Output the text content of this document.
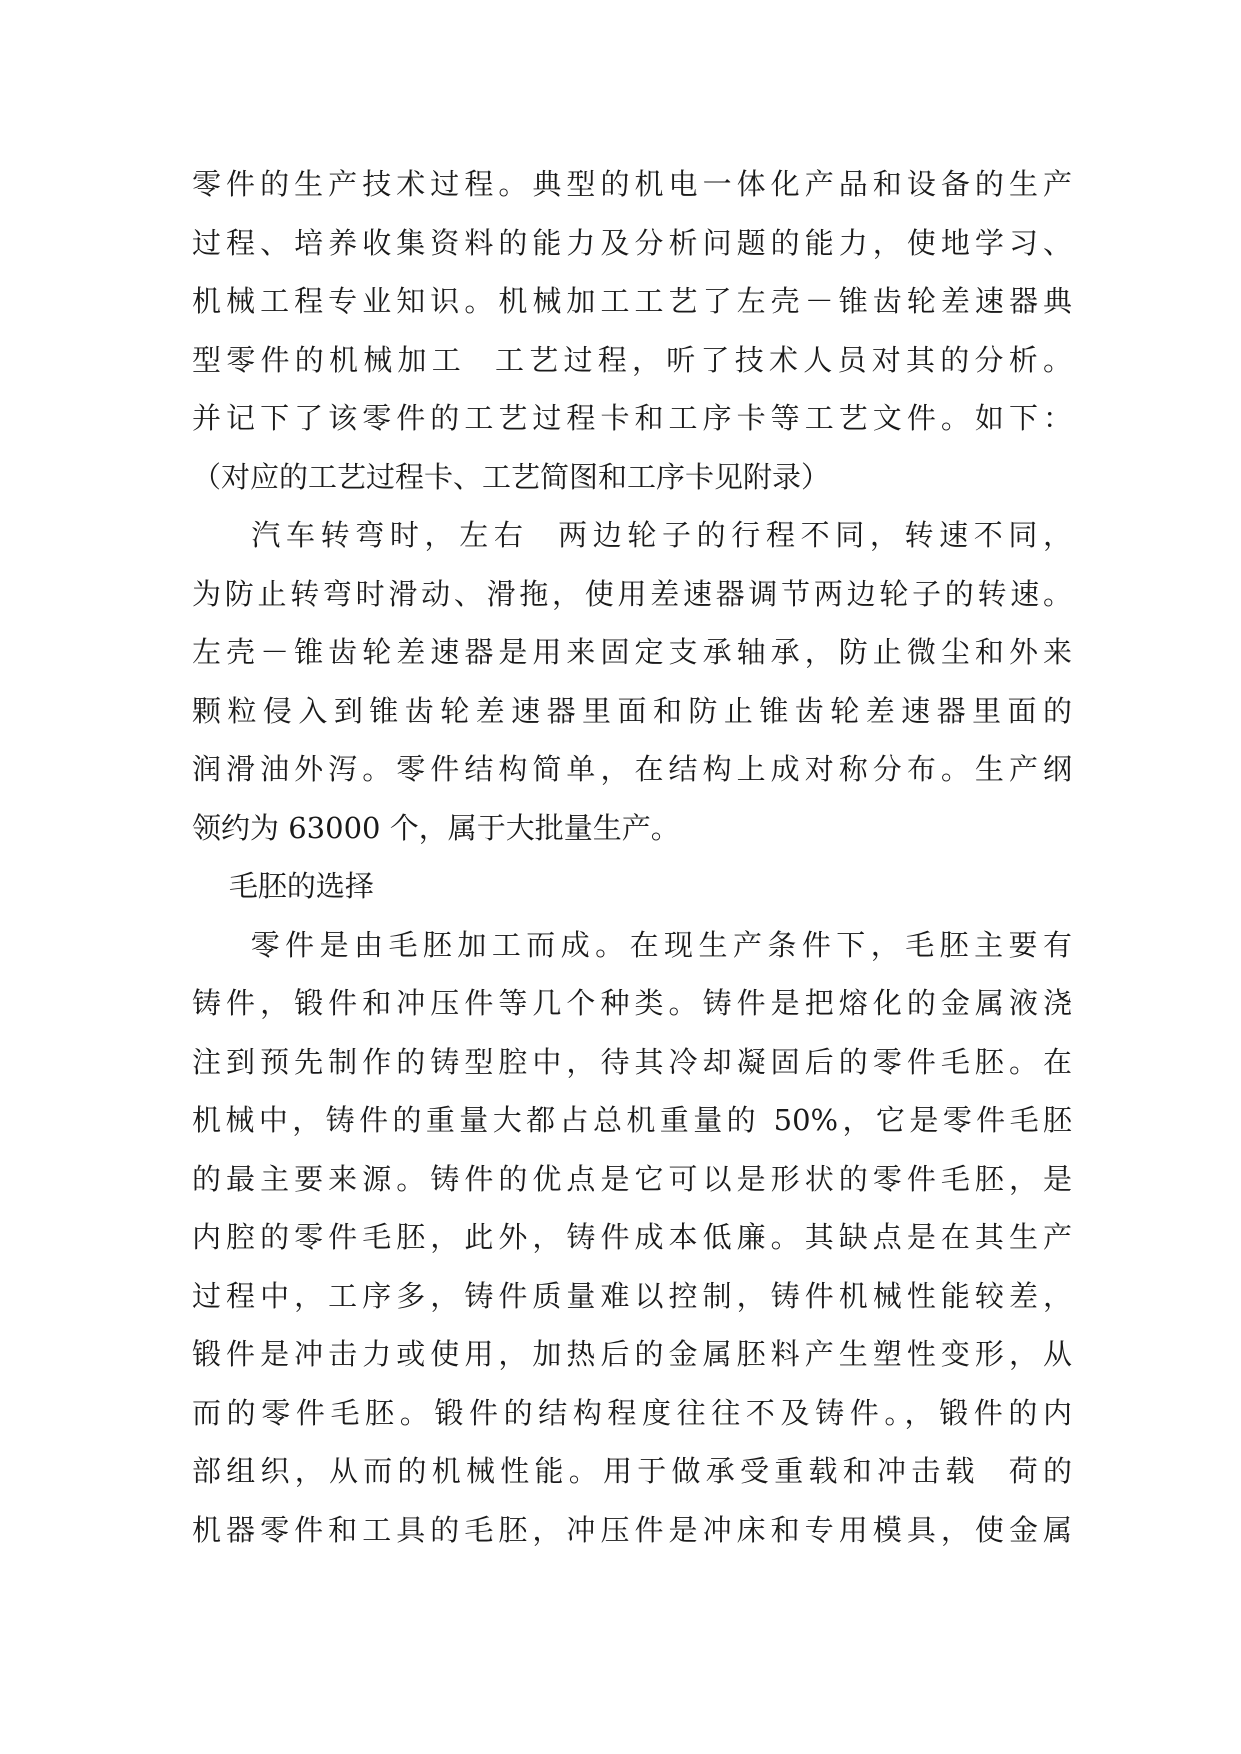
零件的生产技术过程。典型的机电一体化产品和设备的生产
过程、培养收集资料的能力及分析问题的能力，使地学习、
机械工程专业知识。机械加工工艺了左壳－锥齿轮差速器典
型零件的机械加工  工艺过程，听了技术人员对其的分析。
并记下了该零件的工艺过程卡和工序卡等工艺文件。如下：
（对应的工艺过程卡、工艺简图和工序卡见附录）
汽车转弯时，左右  两边轮子的行程不同，转速不同，
为防止转弯时滑动、滑拖，使用差速器调节两边轮子的转速。
左壳－锥齿轮差速器是用来固定支承轴承，防止微尘和外来
颗粒侵入到锥齿轮差速器里面和防止锥齿轮差速器里面的
润滑油外泻。零件结构简单，在结构上成对称分布。生产纲
领约为 63000 个，属于大批量生产。
毛胚的选择
零件是由毛胚加工而成。在现生产条件下，毛胚主要有
铸件，锻件和冲压件等几个种类。铸件是把熔化的金属液浇
注到预先制作的铸型腔中，待其冷却凝固后的零件毛胚。在
机械中，铸件的重量大都占总机重量的 50%，它是零件毛胚
的最主要来源。铸件的优点是它可以是形状的零件毛胚，是
内腔的零件毛胚，此外，铸件成本低廉。其缺点是在其生产
过程中，工序多，铸件质量难以控制，铸件机械性能较差，
锻件是冲击力或使用，加热后的金属胚料产生塑性变形，从
而的零件毛胚。锻件的结构程度往往不及铸件。，锻件的内
部组织，从而的机械性能。用于做承受重载和冲击载  荷的
机器零件和工具的毛胚，冲压件是冲床和专用模具，使金属
